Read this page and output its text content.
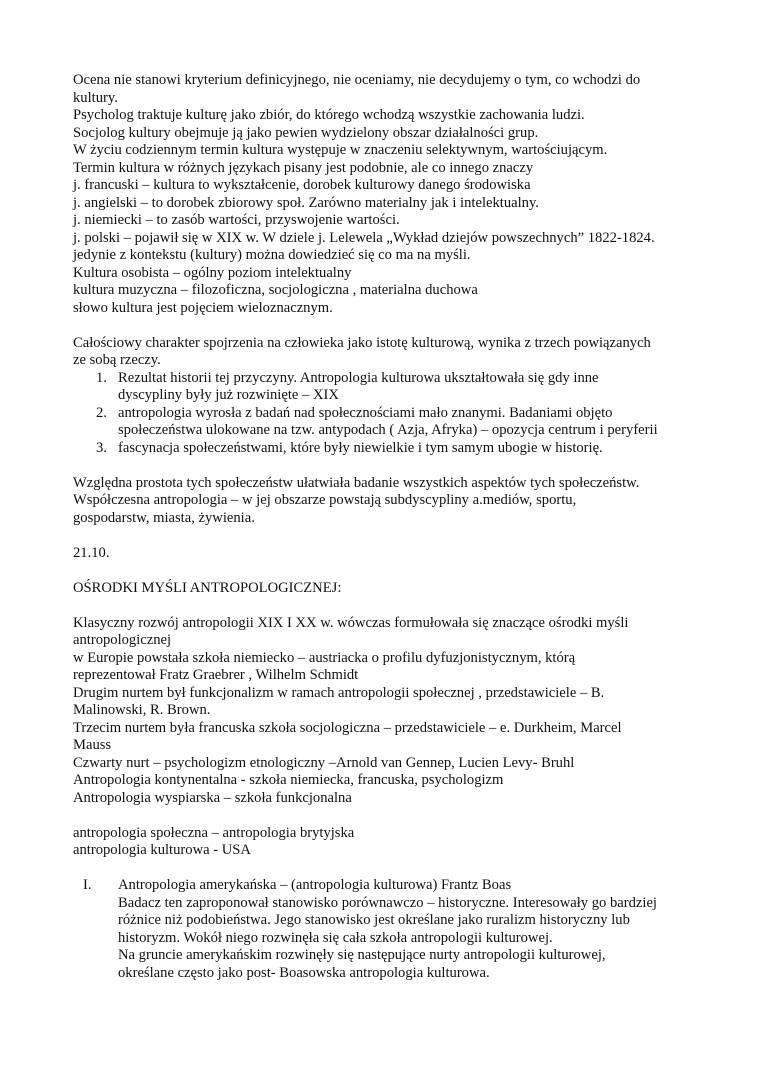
Ocena nie stanowi kryterium definicyjnego, nie oceniamy, nie decydujemy o tym, co wchodzi do
kultury.
Psycholog traktuje kulturę jako zbiór, do którego wchodzą wszystkie zachowania ludzi.
Socjolog kultury obejmuje ją jako pewien wydzielony obszar działalności grup.
W życiu codziennym termin kultura występuje w znaczeniu selektywnym, wartościującym.
Termin kultura w różnych językach pisany jest podobnie, ale co innego znaczy
j. francuski – kultura to wykształcenie, dorobek kulturowy danego środowiska
j. angielski – to dorobek zbiorowy społ. Zarówno materialny jak i intelektualny.
j. niemiecki – to zasób wartości, przyswojenie wartości.
j. polski – pojawił się w XIX w. W dziele j. Lelewela „Wykład dziejów powszechnych” 1822-1824.
jedynie z kontekstu (kultury) można dowiedzieć się co ma na myśli.
Kultura osobista – ogólny poziom intelektualny
kultura muzyczna – filozoficzna, socjologiczna , materialna duchowa
słowo kultura jest pojęciem wieloznacznym.
Całościowy charakter spojrzenia na człowieka jako istotę kulturową, wynika z trzech powiązanych
ze sobą rzeczy.
1. Rezultat historii tej przyczyny. Antropologia kulturowa ukształtowała się gdy inne
dyscypliny były już rozwinięte – XIX
2. antropologia wyrosła z badań nad społecznościami mało znanymi. Badaniami objęto
społeczeństwa ulokowane na tzw. antypodach ( Azja, Afryka) – opozycja centrum i peryferii
3. fascynacja społeczeństwami, które były niewielkie i tym samym ubogie w historię.
Względna prostota tych społeczeństw ułatwiała badanie wszystkich aspektów tych społeczeństw.
Współczesna antropologia – w jej obszarze powstają subdyscypliny a.mediów, sportu,
gospodarstw, miasta, żywienia.
21.10.
OŚRODKI MYŚLI ANTROPOLOGICZNEJ:
Klasyczny rozwój antropologii XIX I XX w. wówczas formułowała się znaczące ośrodki myśli
antropologicznej
w Europie powstała szkoła niemiecko – austriacka o profilu dyfuzjonistycznym, którą
reprezentował Fratz Graebrer , Wilhelm Schmidt
Drugim nurtem był funkcjonalizm w ramach antropologii społecznej , przedstawiciele – B.
Malinowski, R. Brown.
Trzecim nurtem była francuska szkoła socjologiczna – przedstawiciele – e. Durkheim, Marcel
Mauss
Czwarty nurt – psychologizm etnologiczny –Arnold van Gennep, Lucien Levy- Bruhl
Antropologia kontynentalna - szkoła niemiecka, francuska, psychologizm
Antropologia wyspiarska – szkoła funkcjonalna
antropologia społeczna – antropologia brytyjska
antropologia kulturowa - USA
I. Antropologia amerykańska – (antropologia kulturowa) Frantz Boas
Badacz ten zaproponował stanowisko porównawczo – historyczne. Interesowały go bardziej
różnice niż podobieństwa. Jego stanowisko jest określane jako ruralizm historyczny lub
historyzm. Wokół niego rozwinęła się cała szkoła antropologii kulturowej.
Na gruncie amerykańskim rozwinęły się następujące nurty antropologii kulturowej,
określane często jako post- Boasowska antropologia kulturowa.
